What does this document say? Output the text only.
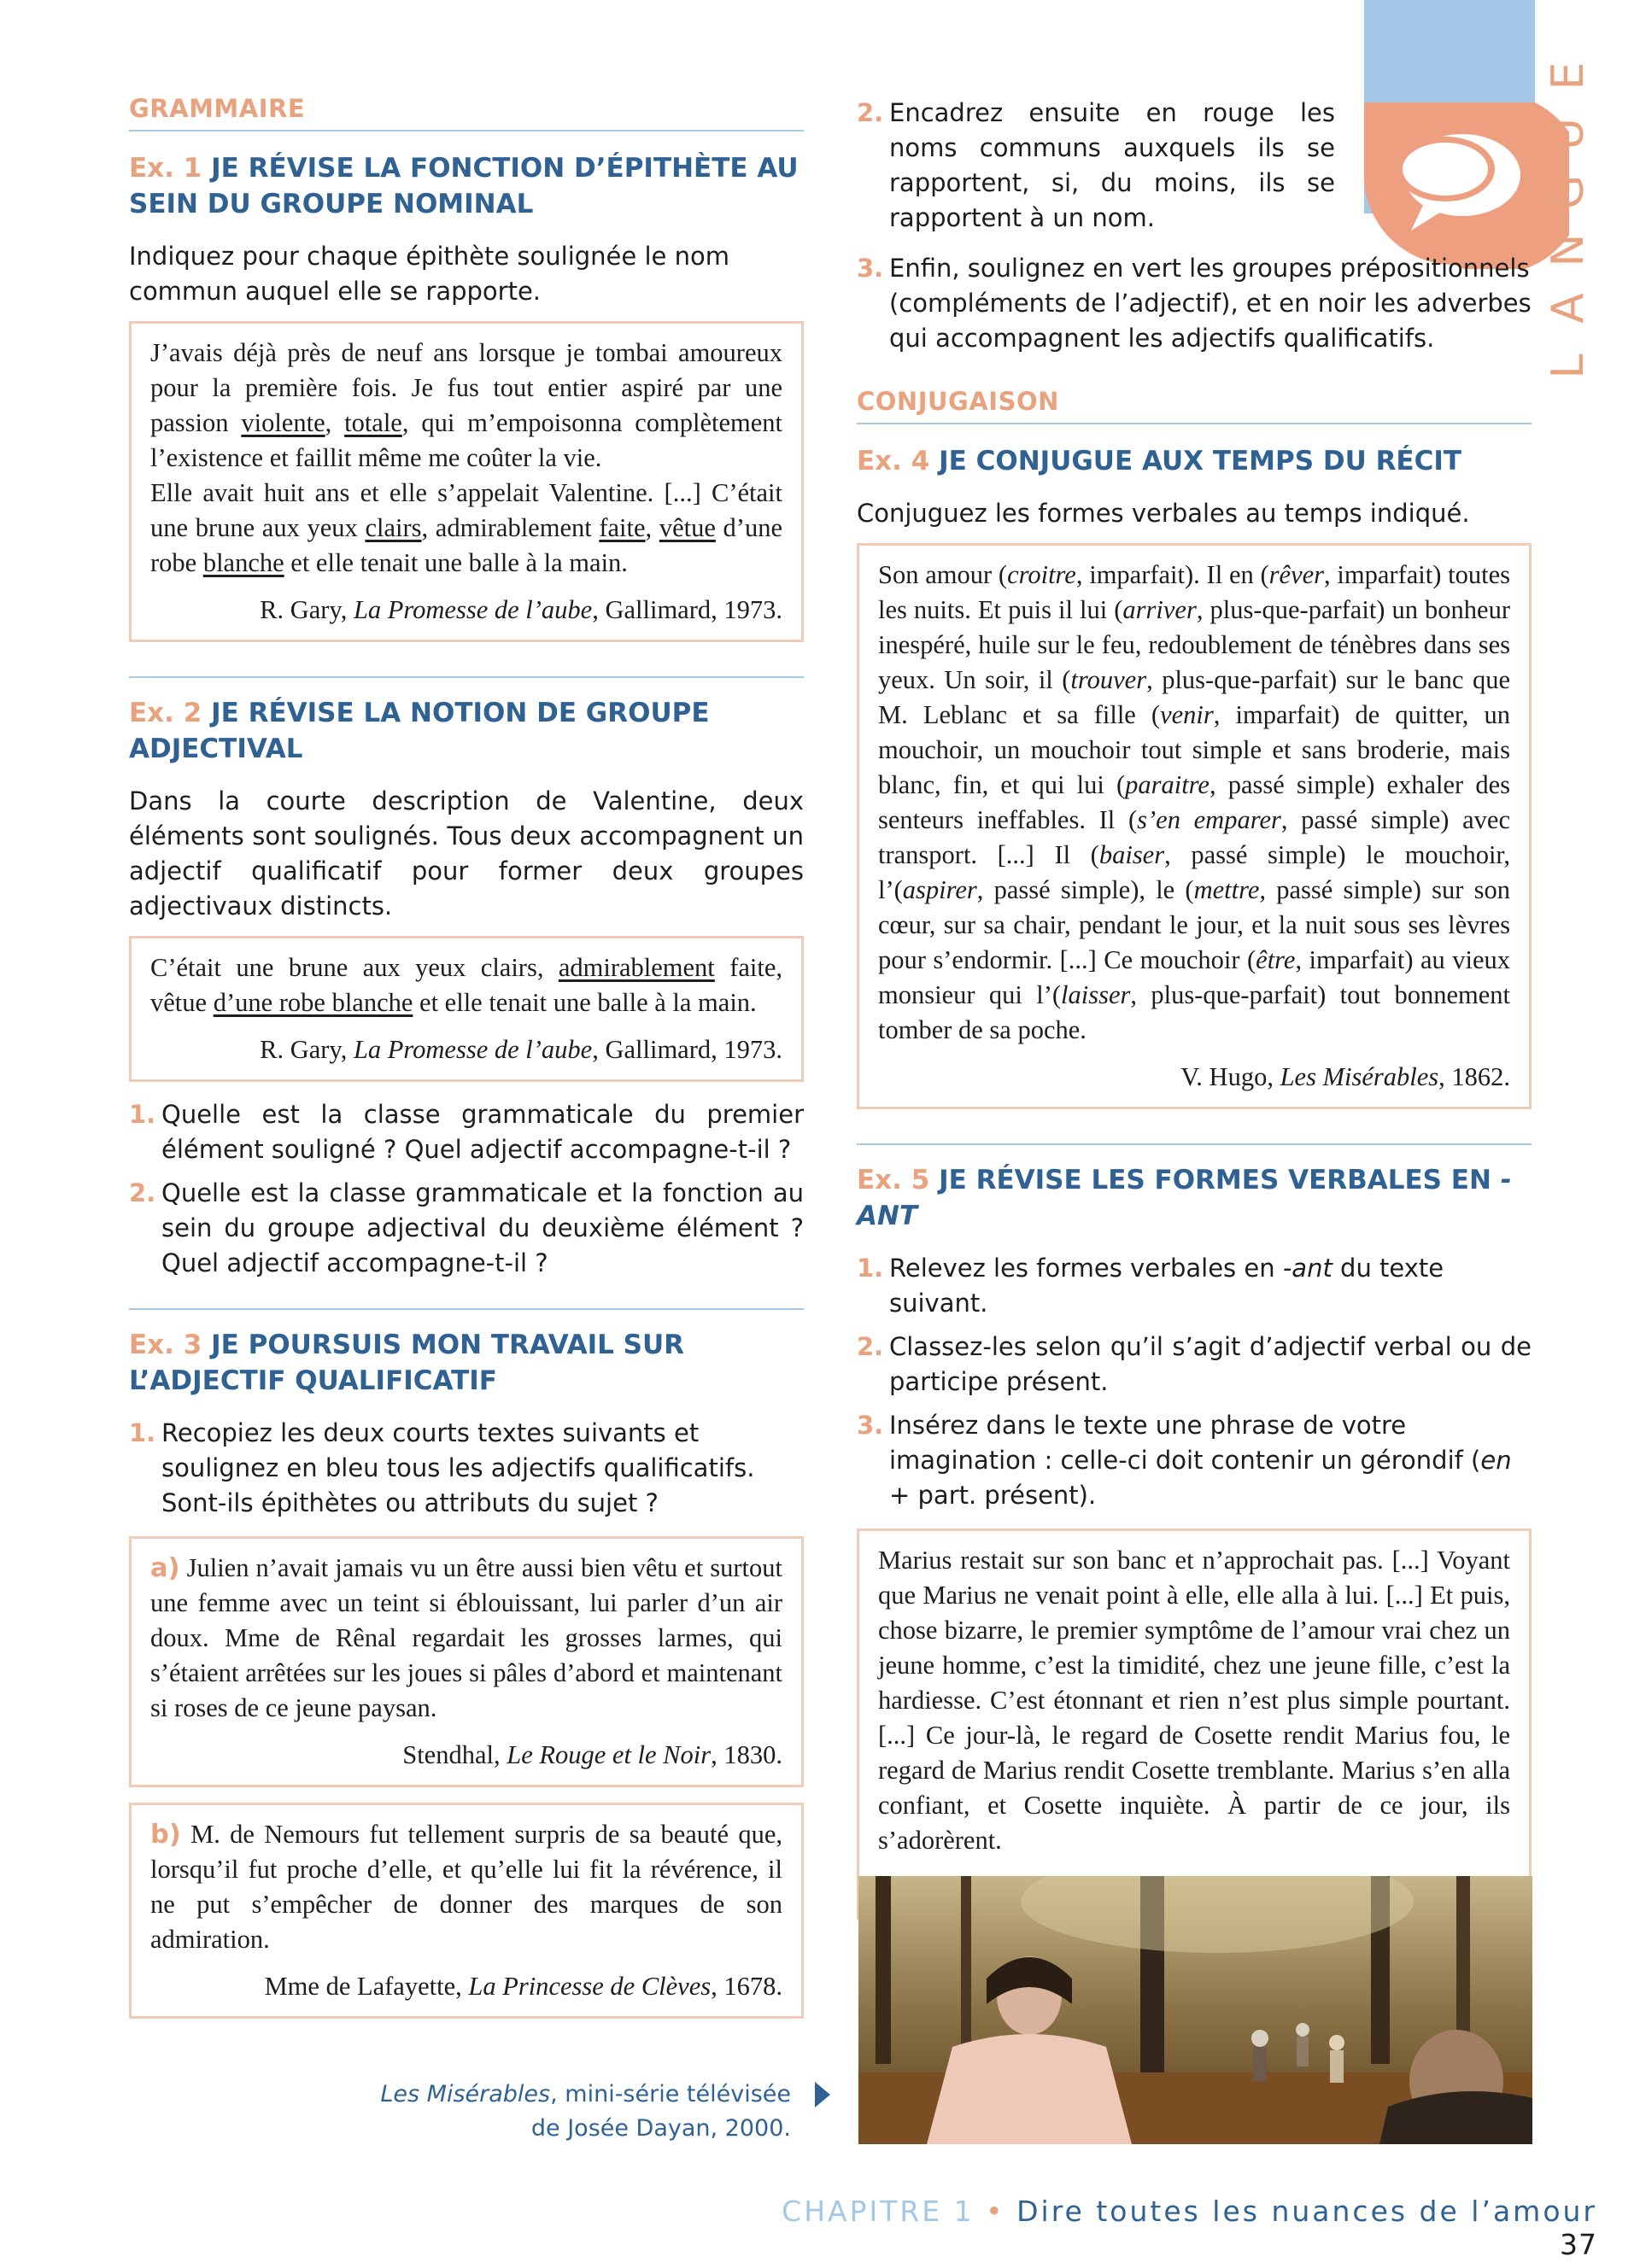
E
U
G
N
A
L
GRAMMAIRE
Ex. 1 JE RÉVISE LA FONCTION D’ÉPITHÈTE AU SEIN DU GROUPE NOMINAL

Indiquez pour chaque épithète soulignée le nom commun auquel elle se rapporte.

J’avais déjà près de neuf ans lorsque je tombai amoureux pour la première fois. Je fus tout entier aspiré par une passion violente, totale, qui m’empoisonna complètement l’existence et faillit même me coûter la vie.

Elle avait huit ans et elle s’appelait Valentine. [...] C’était une brune aux yeux clairs, admirablement faite, vêtue d’une robe blanche et elle tenait une balle à la main.

R. Gary, La Promesse de l’aube, Gallimard, 1973.

Ex. 2 JE RÉVISE LA NOTION DE GROUPE ADJECTIVAL

Dans la courte description de Valentine, deux éléments sont soulignés. Tous deux accompagnent un adjectif qualificatif pour former deux groupes adjectivaux distincts.

C’était une brune aux yeux clairs, admirablement faite, vêtue d’une robe blanche et elle tenait une balle à la main.

R. Gary, La Promesse de l’aube, Gallimard, 1973.

1. Quelle est la classe grammaticale du premier élément souligné ? Quel adjectif accompagne-t-il ?
2. Quelle est la classe grammaticale et la fonction au sein du groupe adjectival du deuxième élément ? Quel adjectif accompagne-t-il ?
Ex. 3 JE POURSUIS MON TRAVAIL SUR L’ADJECTIF QUALIFICATIF
1. Recopiez les deux courts textes suivants et soulignez en bleu tous les adjectifs qualificatifs. Sont-ils épithètes ou attributs du sujet ?

a) Julien n’avait jamais vu un être aussi bien vêtu et surtout une femme avec un teint si éblouissant, lui parler d’un air doux. Mme de Rênal regardait les grosses larmes, qui s’étaient arrêtées sur les joues si pâles d’abord et maintenant si roses de ce jeune paysan.

Stendhal, Le Rouge et le Noir, 1830.

b) M. de Nemours fut tellement surpris de sa beauté que, lorsqu’il fut proche d’elle, et qu’elle lui fit la révérence, il ne put s’empêcher de donner des marques de son admiration.

Mme de Lafayette, La Princesse de Clèves, 1678.

2. Encadrez ensuite en rouge les noms communs auxquels ils se rapportent, si, du moins, ils se rapportent à un nom.
3. Enfin, soulignez en vert les groupes prépositionnels (compléments de l’adjectif), et en noir les adverbes qui accompagnent les adjectifs qualificatifs.
CONJUGAISON
Ex. 4 JE CONJUGUE AUX TEMPS DU RÉCIT

Conjuguez les formes verbales au temps indiqué.

Son amour (croitre, imparfait). Il en (rêver, imparfait) toutes les nuits. Et puis il lui (arriver, plus-que-parfait) un bonheur inespéré, huile sur le feu, redoublement de ténèbres dans ses yeux. Un soir, il (trouver, plus-que-parfait) sur le banc que M. Leblanc et sa fille (venir, imparfait) de quitter, un mouchoir, un mouchoir tout simple et sans broderie, mais blanc, fin, et qui lui (paraitre, passé simple) exhaler des senteurs ineffables. Il (s’en emparer, passé simple) avec transport. [...] Il (baiser, passé simple) le mouchoir, l’(aspirer, passé simple), le (mettre, passé simple) sur son cœur, sur sa chair, pendant le jour, et la nuit sous ses lèvres pour s’endormir. [...] Ce mouchoir (être, imparfait) au vieux monsieur qui l’(laisser, plus-que-parfait) tout bonnement tomber de sa poche.

V. Hugo, Les Misérables, 1862.

Ex. 5 JE RÉVISE LES FORMES VERBALES EN -ANT
1. Relevez les formes verbales en -ant du texte suivant.
2. Classez-les selon qu’il s’agit d’adjectif verbal ou de participe présent.
3. Insérez dans le texte une phrase de votre imagination : celle-ci doit contenir un gérondif (en + part. présent).

Marius restait sur son banc et n’approchait pas. [...] Voyant que Marius ne venait point à elle, elle alla à lui. [...] Et puis, chose bizarre, le premier symptôme de l’amour vrai chez un jeune homme, c’est la timidité, chez une jeune fille, c’est la hardiesse. C’est étonnant et rien n’est plus simple pourtant. [...] Ce jour-là, le regard de Cosette rendit Marius fou, le regard de Marius rendit Cosette tremblante. Marius s’en alla confiant, et Cosette inquiète. À partir de ce jour, ils s’adorèrent.

Les Misérables, mini-série télévisée
de Josée Dayan, 2000.
CHAPITRE 1 • Dire toutes les nuances de l’amour 37
